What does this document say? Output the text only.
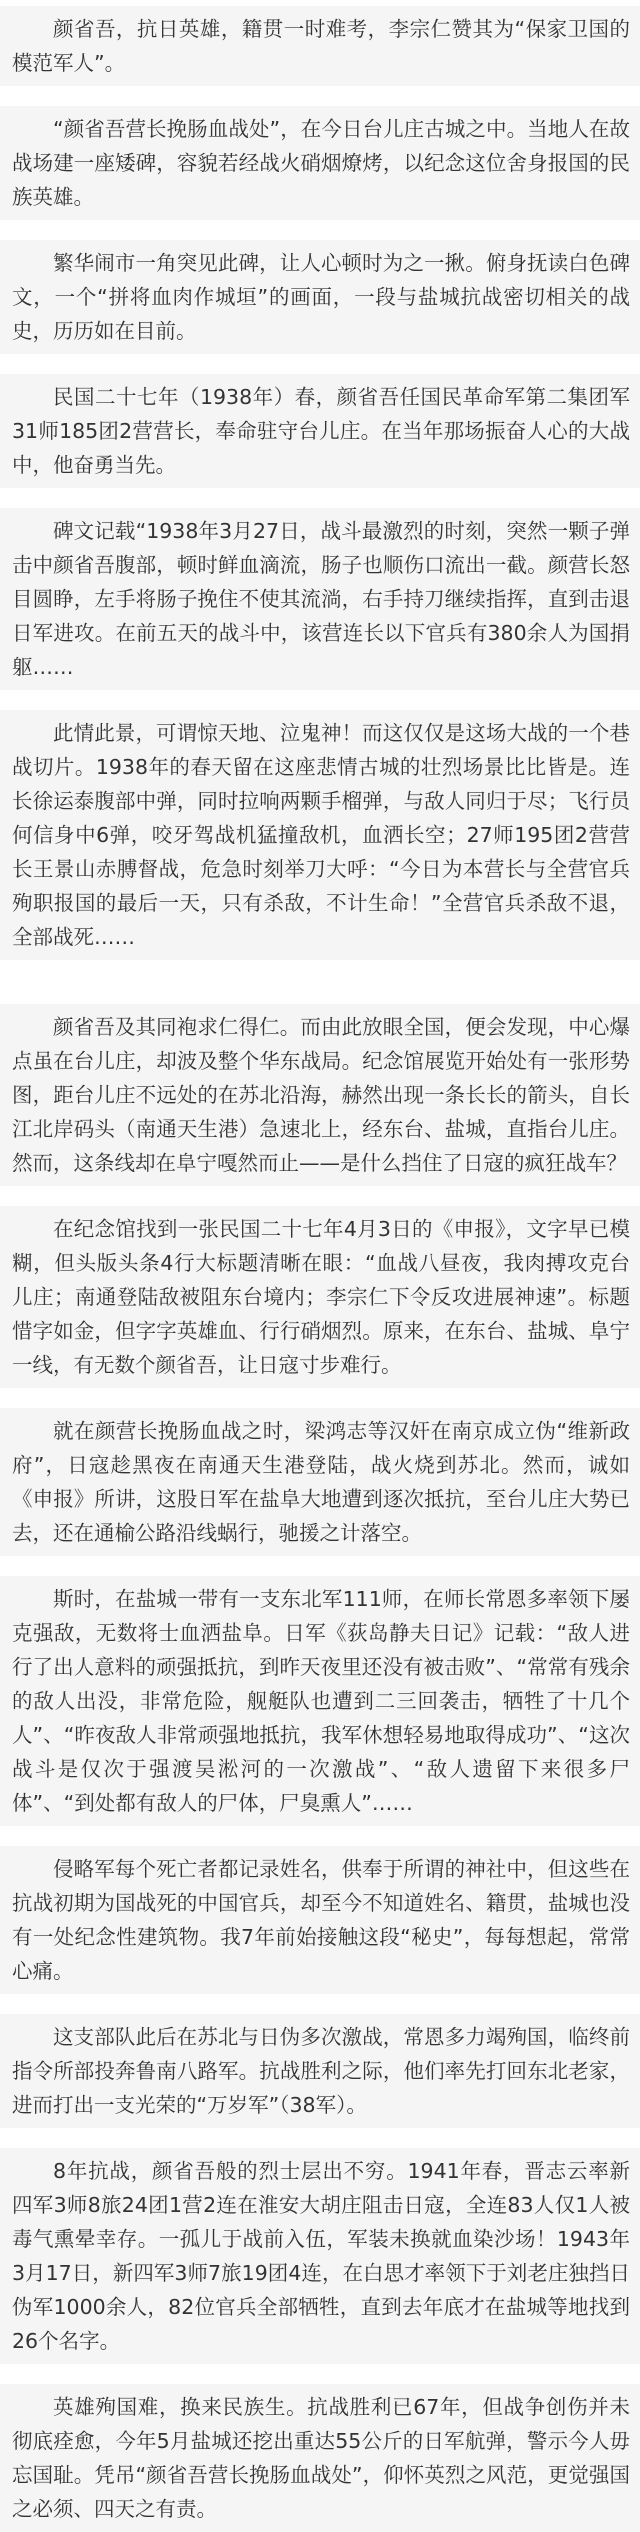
颜省吾，抗日英雄，籍贯一时难考，李宗仁赞其为“保家卫国的模范军人”。

“颜省吾营长挽肠血战处”，在今日台儿庄古城之中。当地人在故战场建一座矮碑，容貌若经战火硝烟燎烤，以纪念这位舍身报国的民族英雄。

繁华闹市一角突见此碑，让人心顿时为之一揪。俯身抚读白色碑文，一个“拼将血肉作城垣”的画面，一段与盐城抗战密切相关的战史，历历如在目前。

民国二十七年（1938年）春，颜省吾任国民革命军第二集团军31师185团2营营长，奉命驻守台儿庄。在当年那场振奋人心的大战中，他奋勇当先。

碑文记载“1938年3月27日，战斗最激烈的时刻，突然一颗子弹击中颜省吾腹部，顿时鲜血滴流，肠子也顺伤口流出一截。颜营长怒目圆睁，左手将肠子挽住不使其流淌，右手持刀继续指挥，直到击退日军进攻。在前五天的战斗中，该营连长以下官兵有380余人为国捐躯……

此情此景，可谓惊天地、泣鬼神！而这仅仅是这场大战的一个巷战切片。1938年的春天留在这座悲情古城的壮烈场景比比皆是。连长徐运泰腹部中弹，同时拉响两颗手榴弹，与敌人同归于尽；飞行员何信身中6弹，咬牙驾战机猛撞敌机，血洒长空；27师195团2营营长王景山赤膊督战，危急时刻举刀大呼：“今日为本营长与全营官兵殉职报国的最后一天，只有杀敌，不计生命！”全营官兵杀敌不退，全部战死……

颜省吾及其同袍求仁得仁。而由此放眼全国，便会发现，中心爆点虽在台儿庄，却波及整个华东战局。纪念馆展览开始处有一张形势图，距台儿庄不远处的在苏北沿海，赫然出现一条长长的箭头，自长江北岸码头（南通天生港）急速北上，经东台、盐城，直指台儿庄。然而，这条线却在阜宁嘎然而止——是什么挡住了日寇的疯狂战车？

在纪念馆找到一张民国二十七年4月3日的《申报》，文字早已模糊，但头版头条4行大标题清晰在眼：“血战八昼夜，我肉搏攻克台儿庄；南通登陆敌被阻东台境内；李宗仁下令反攻进展神速”。标题惜字如金，但字字英雄血、行行硝烟烈。原来，在东台、盐城、阜宁一线，有无数个颜省吾，让日寇寸步难行。

就在颜营长挽肠血战之时，梁鸿志等汉奸在南京成立伪“维新政府”，日寇趁黑夜在南通天生港登陆，战火烧到苏北。然而，诚如《申报》所讲，这股日军在盐阜大地遭到逐次抵抗，至台儿庄大势已去，还在通榆公路沿线蜗行，驰援之计落空。

斯时，在盐城一带有一支东北军111师，在师长常恩多率领下屡克强敌，无数将士血洒盐阜。日军《荻岛静夫日记》记载：“敌人进行了出人意料的顽强抵抗，到昨天夜里还没有被击败”、“常常有残余的敌人出没，非常危险，舰艇队也遭到二三回袭击，牺牲了十几个人”、“昨夜敌人非常顽强地抵抗，我军休想轻易地取得成功”、“这次战斗是仅次于强渡吴淞河的一次激战”、“敌人遗留下来很多尸体”、“到处都有敌人的尸体，尸臭熏人”……

侵略军每个死亡者都记录姓名，供奉于所谓的神社中，但这些在抗战初期为国战死的中国官兵，却至今不知道姓名、籍贯，盐城也没有一处纪念性建筑物。我7年前始接触这段“秘史”，每每想起，常常心痛。

这支部队此后在苏北与日伪多次激战，常恩多力竭殉国，临终前指令所部投奔鲁南八路军。抗战胜利之际，他们率先打回东北老家，进而打出一支光荣的“万岁军”（38军）。

8年抗战，颜省吾般的烈士层出不穷。1941年春，晋志云率新四军3师8旅24团1营2连在淮安大胡庄阻击日寇，全连83人仅1人被毒气熏晕幸存。一孤儿于战前入伍，军装未换就血染沙场！1943年3月17日，新四军3师7旅19团4连，在白思才率领下于刘老庄独挡日伪军1000余人，82位官兵全部牺牲，直到去年底才在盐城等地找到26个名字。

英雄殉国难，换来民族生。抗战胜利已67年，但战争创伤并未彻底痊愈，今年5月盐城还挖出重达55公斤的日军航弹，警示今人毋忘国耻。凭吊“颜省吾营长挽肠血战处”，仰怀英烈之风范，更觉强国之必须、四天之有责。
